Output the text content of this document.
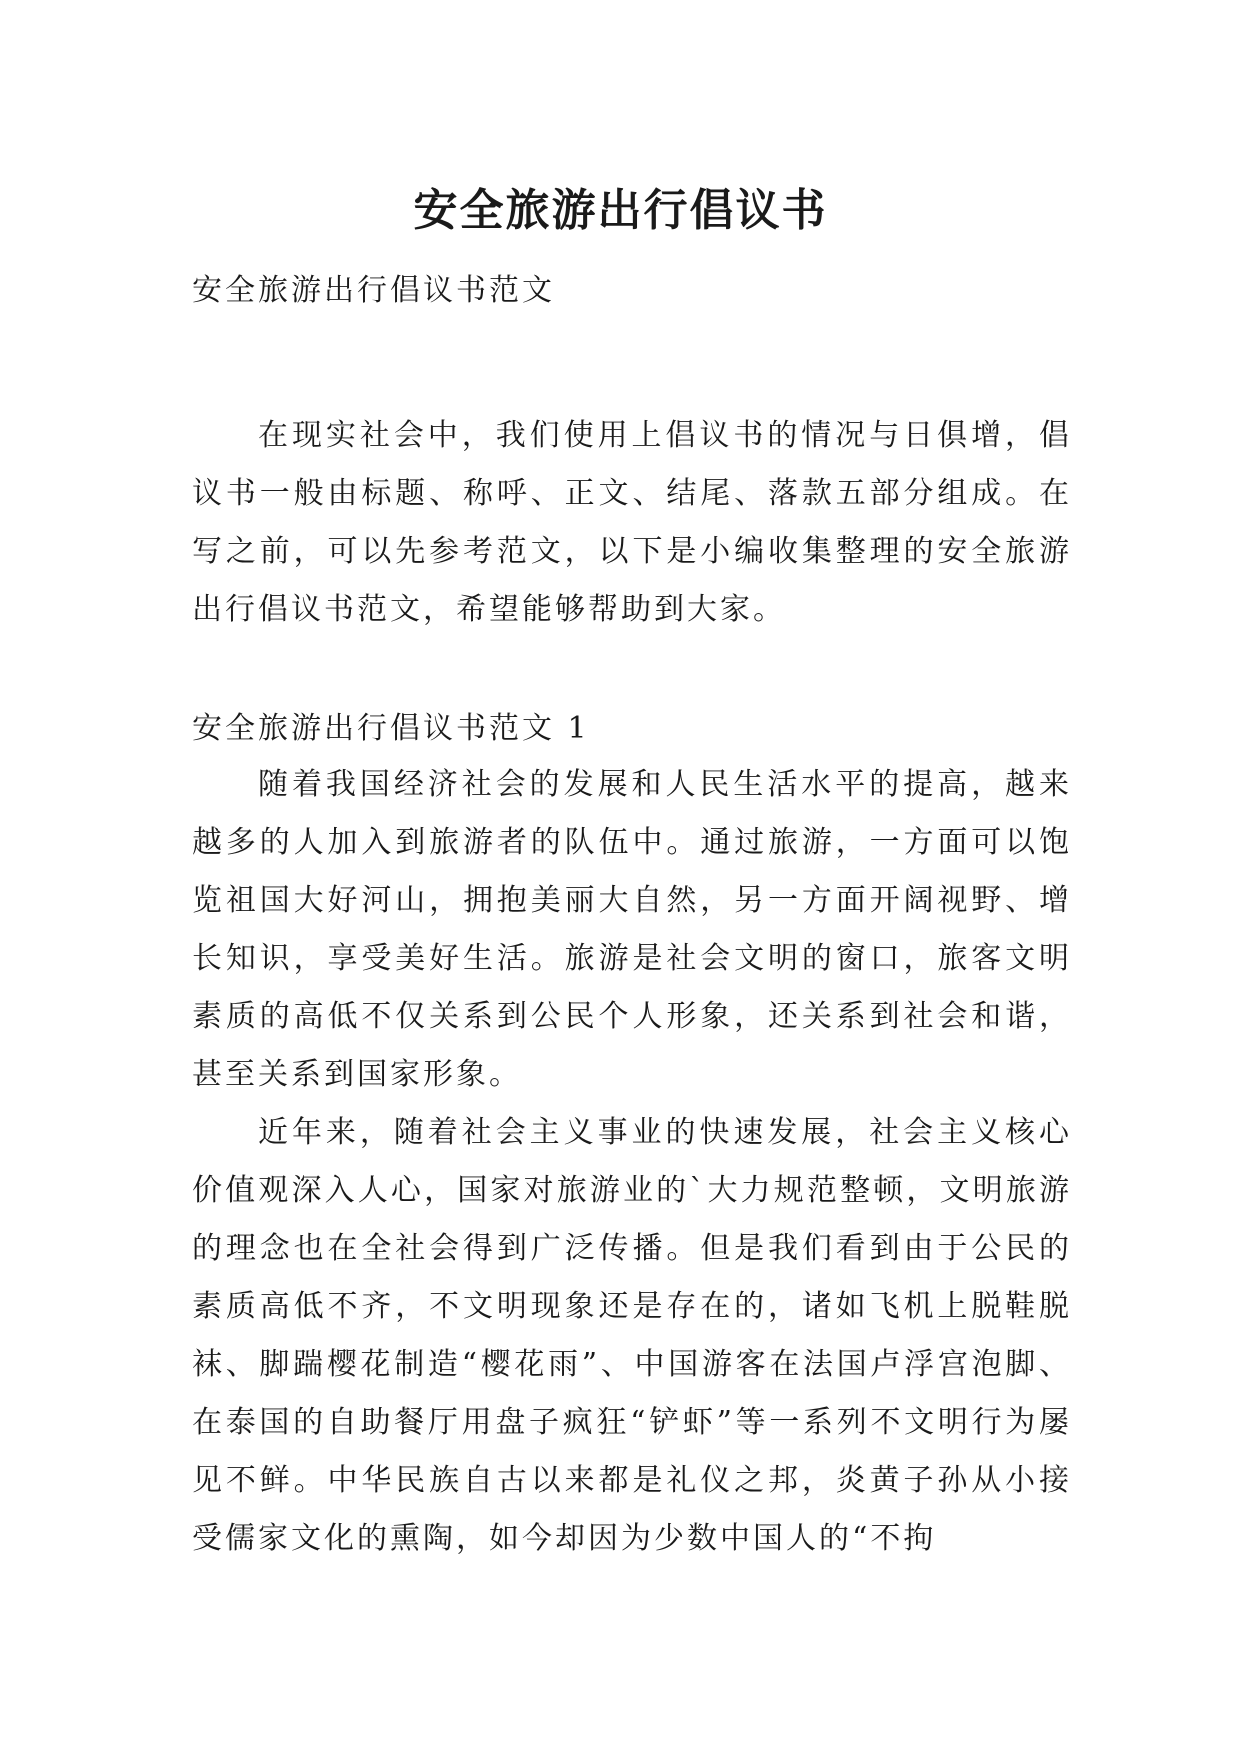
安全旅游出行倡议书

安全旅游出行倡议书范文

在现实社会中，我们使用上倡议书的情况与日俱增，倡议书一般由标题、称呼、正文、结尾、落款五部分组成。在写之前，可以先参考范文，以下是小编收集整理的安全旅游出行倡议书范文，希望能够帮助到大家。

安全旅游出行倡议书范文 1

随着我国经济社会的发展和人民生活水平的提高，越来越多的人加入到旅游者的队伍中。通过旅游，一方面可以饱览祖国大好河山，拥抱美丽大自然，另一方面开阔视野、增长知识，享受美好生活。旅游是社会文明的窗口，旅客文明素质的高低不仅关系到公民个人形象，还关系到社会和谐，甚至关系到国家形象。

近年来，随着社会主义事业的快速发展，社会主义核心价值观深入人心，国家对旅游业的`大力规范整顿，文明旅游的理念也在全社会得到广泛传播。但是我们看到由于公民的素质高低不齐，不文明现象还是存在的，诸如飞机上脱鞋脱袜、脚踹樱花制造“樱花雨”、中国游客在法国卢浮宫泡脚、在泰国的自助餐厅用盘子疯狂“铲虾”等一系列不文明行为屡见不鲜。中华民族自古以来都是礼仪之邦，炎黄子孙从小接受儒家文化的熏陶，如今却因为少数中国人的“不拘
